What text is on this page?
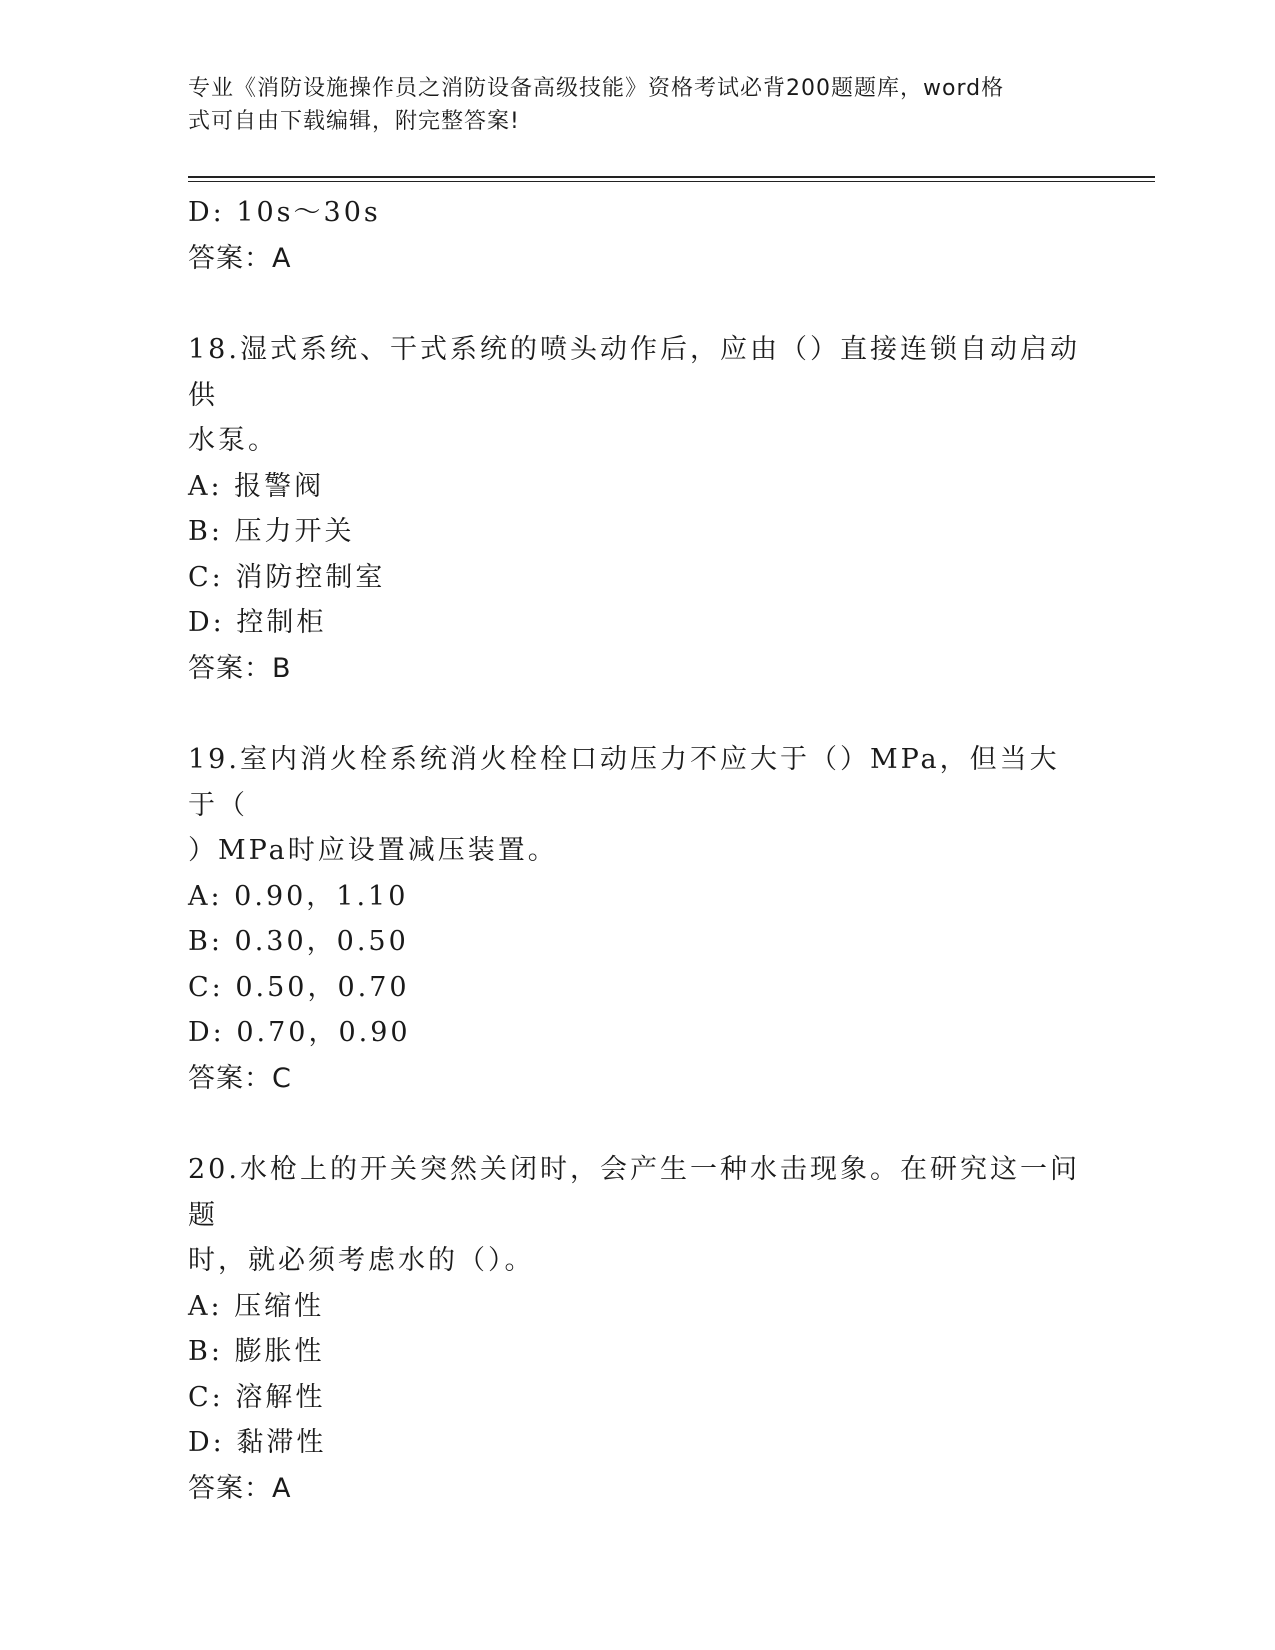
专业《消防设施操作员之消防设备高级技能》资格考试必背200题题库，word格
式可自由下载编辑，附完整答案!
D: 10s～30s
答案：A
18.湿式系统、干式系统的喷头动作后，应由（）直接连锁自动启动供
水泵。
A: 报警阀
B: 压力开关
C: 消防控制室
D: 控制柜
答案：B
19.室内消火栓系统消火栓栓口动压力不应大于（）MPa，但当大于（
）MPa时应设置减压装置。
A: 0.90，1.10
B: 0.30，0.50
C: 0.50，0.70
D: 0.70，0.90
答案：C
20.水枪上的开关突然关闭时，会产生一种水击现象。在研究这一问题
时，就必须考虑水的（）。
A: 压缩性
B: 膨胀性
C: 溶解性
D: 黏滞性
答案：A
